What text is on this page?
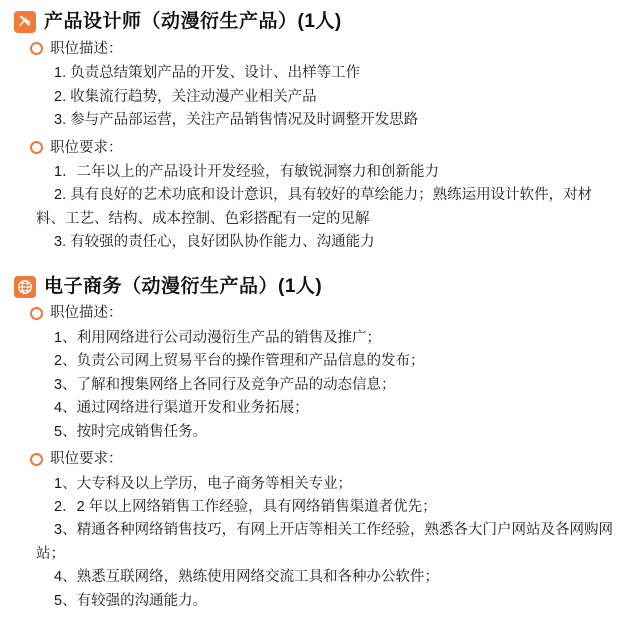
产品设计师（动漫衍生产品）(1人)
职位描述：
1. 负责总结策划产品的开发、设计、出样等工作
2. 收集流行趋势，关注动漫产业相关产品
3. 参与产品部运营，关注产品销售情况及时调整开发思路
职位要求：
1．二年以上的产品设计开发经验，有敏锐洞察力和创新能力
2. 具有良好的艺术功底和设计意识，具有较好的草绘能力；熟练运用设计软件，对材料、工艺、结构、成本控制、色彩搭配有一定的见解
3. 有较强的责任心，良好团队协作能力、沟通能力
电子商务（动漫衍生产品）(1人)
职位描述：
1、利用网络进行公司动漫衍生产品的销售及推广；
2、负责公司网上贸易平台的操作管理和产品信息的发布；
3、了解和搜集网络上各同行及竞争产品的动态信息；
4、通过网络进行渠道开发和业务拓展；
5、按时完成销售任务。
职位要求：
1、大专科及以上学历，电子商务等相关专业；
2．2 年以上网络销售工作经验，具有网络销售渠道者优先；
3、精通各种网络销售技巧，有网上开店等相关工作经验，熟悉各大门户网站及各网购网站；
4、熟悉互联网络，熟练使用网络交流工具和各种办公软件；
5、有较强的沟通能力。
